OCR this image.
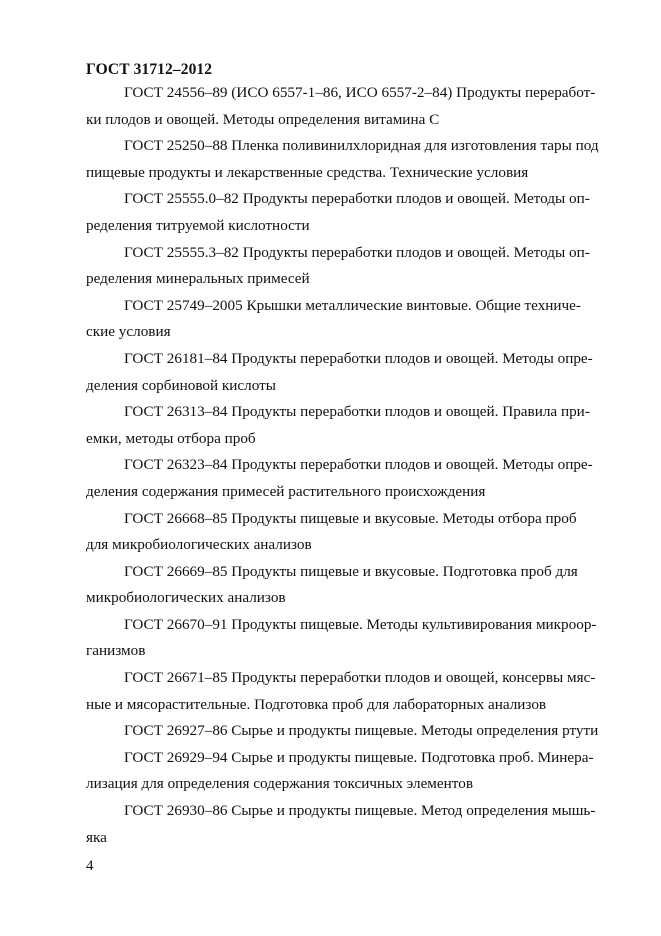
ГОСТ 31712–2012

ГОСТ 24556–89 (ИСО 6557-1–86, ИСО 6557-2–84) Продукты переработ-
ки плодов и овощей. Методы определения витамина С

ГОСТ 25250–88 Пленка поливинилхлоридная для изготовления тары под
пищевые продукты и лекарственные средства. Технические условия

ГОСТ 25555.0–82 Продукты переработки плодов и овощей. Методы оп-
ределения титруемой кислотности

ГОСТ 25555.3–82 Продукты переработки плодов и овощей. Методы оп-
ределения минеральных примесей

ГОСТ 25749–2005 Крышки металлические винтовые. Общие техниче-
ские условия

ГОСТ 26181–84 Продукты переработки плодов и овощей. Методы опре-
деления сорбиновой кислоты

ГОСТ 26313–84 Продукты переработки плодов и овощей. Правила при-
емки, методы отбора проб

ГОСТ 26323–84 Продукты переработки плодов и овощей. Методы опре-
деления содержания примесей растительного происхождения

ГОСТ 26668–85 Продукты пищевые и вкусовые. Методы отбора проб
для микробиологических анализов

ГОСТ 26669–85 Продукты пищевые и вкусовые. Подготовка проб для
микробиологических анализов

ГОСТ 26670–91 Продукты пищевые. Методы культивирования микроор-
ганизмов

ГОСТ 26671–85 Продукты переработки плодов и овощей, консервы мяс-
ные и мясорастительные. Подготовка проб для лабораторных анализов

ГОСТ 26927–86 Сырье и продукты пищевые. Методы определения ртути

ГОСТ 26929–94 Сырье и продукты пищевые. Подготовка проб. Минера-
лизация для определения содержания токсичных элементов

ГОСТ 26930–86 Сырье и продукты пищевые. Метод определения мышь-
яка

4
